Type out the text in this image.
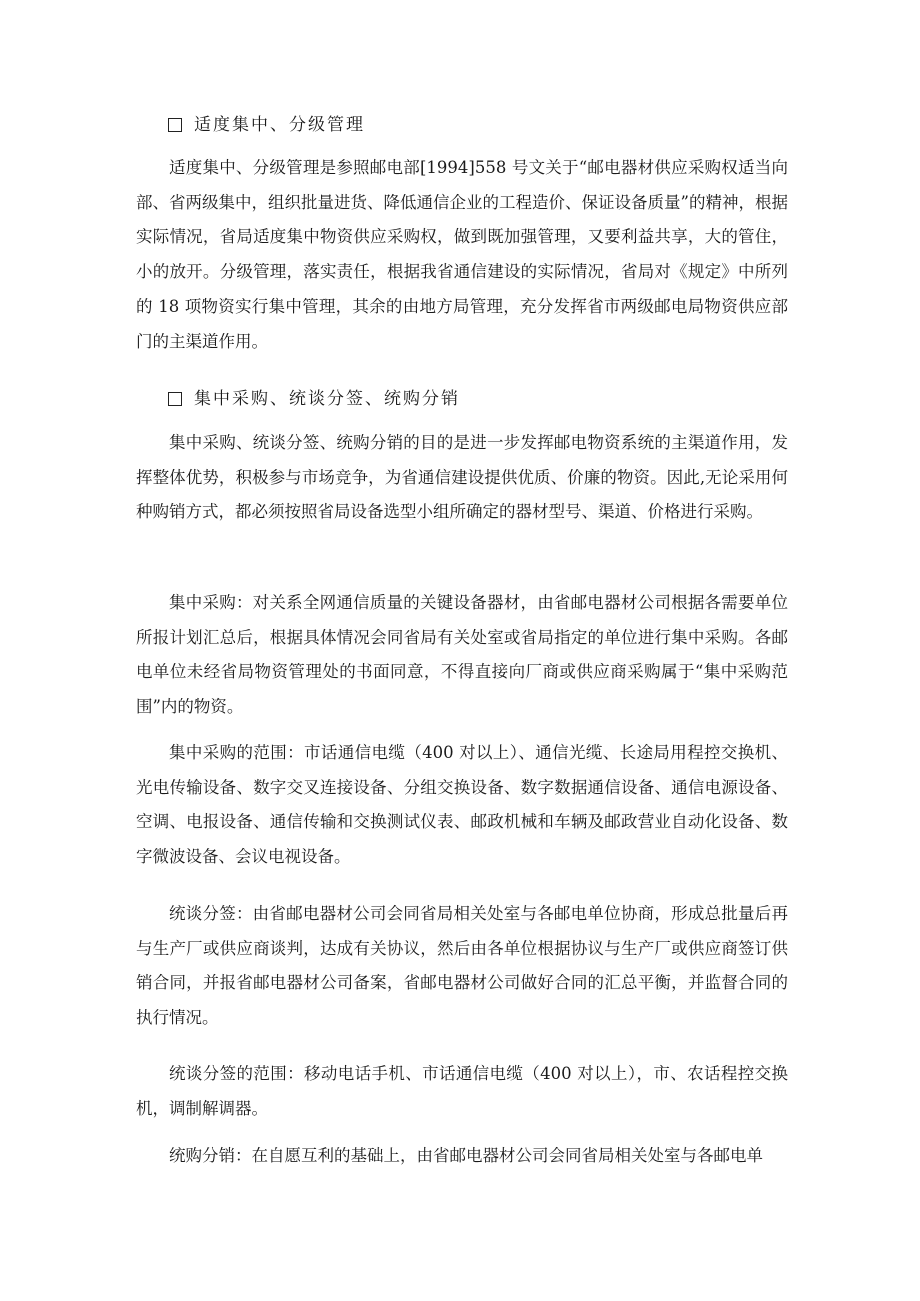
适度集中、分级管理

适度集中、分级管理是参照邮电部[1994]558 号文关于“邮电器材供应采购权适当向部、省两级集中，组织批量进货、降低通信企业的工程造价、保证设备质量”的精神，根据实际情况，省局适度集中物资供应采购权，做到既加强管理，又要利益共享，大的管住，小的放开。分级管理，落实责任，根据我省通信建设的实际情况，省局对《规定》中所列的 18 项物资实行集中管理，其余的由地方局管理，充分发挥省市两级邮电局物资供应部门的主渠道作用。

集中采购、统谈分签、统购分销

集中采购、统谈分签、统购分销的目的是进一步发挥邮电物资系统的主渠道作用，发挥整体优势，积极参与市场竞争，为省通信建设提供优质、价廉的物资。因此,无论采用何种购销方式，都必须按照省局设备选型小组所确定的器材型号、渠道、价格进行采购。

集中采购：对关系全网通信质量的关键设备器材，由省邮电器材公司根据各需要单位所报计划汇总后，根据具体情况会同省局有关处室或省局指定的单位进行集中采购。各邮电单位未经省局物资管理处的书面同意，不得直接向厂商或供应商采购属于“集中采购范围”内的物资。

集中采购的范围：市话通信电缆（400 对以上）、通信光缆、长途局用程控交换机、光电传输设备、数字交叉连接设备、分组交换设备、数字数据通信设备、通信电源设备、空调、电报设备、通信传输和交换测试仪表、邮政机械和车辆及邮政营业自动化设备、数字微波设备、会议电视设备。

统谈分签：由省邮电器材公司会同省局相关处室与各邮电单位协商，形成总批量后再与生产厂或供应商谈判，达成有关协议，然后由各单位根据协议与生产厂或供应商签订供销合同，并报省邮电器材公司备案，省邮电器材公司做好合同的汇总平衡，并监督合同的执行情况。

统谈分签的范围：移动电话手机、市话通信电缆（400 对以上），市、农话程控交换机，调制解调器。

统购分销：在自愿互利的基础上，由省邮电器材公司会同省局相关处室与各邮电单
